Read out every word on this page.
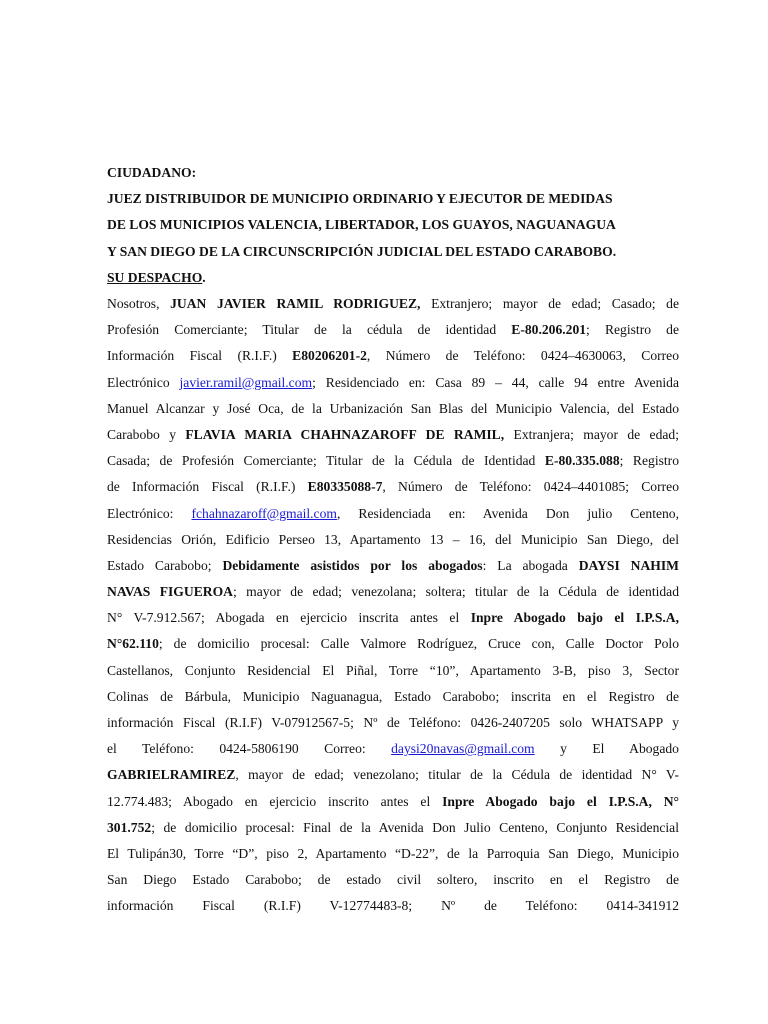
CIUDADANO:
JUEZ DISTRIBUIDOR DE MUNICIPIO ORDINARIO Y EJECUTOR DE MEDIDAS
DE LOS MUNICIPIOS VALENCIA, LIBERTADOR, LOS GUAYOS, NAGUANAGUA
Y SAN DIEGO DE LA CIRCUNSCRIPCIÓN JUDICIAL DEL ESTADO CARABOBO.
SU DESPACHO.
Nosotros, JUAN JAVIER RAMIL RODRIGUEZ, Extranjero; mayor de edad; Casado; de
Profesión Comerciante; Titular de la cédula de identidad E-80.206.201; Registro de
Información Fiscal (R.I.F.) E80206201-2, Número de Teléfono: 0424–4630063, Correo
Electrónico javier.ramil@gmail.com; Residenciado en: Casa 89 – 44, calle 94 entre Avenida
Manuel Alcanzar y José Oca, de la Urbanización San Blas del Municipio Valencia, del Estado
Carabobo y FLAVIA MARIA CHAHNAZAROFF DE RAMIL, Extranjera; mayor de edad;
Casada; de Profesión Comerciante; Titular de la Cédula de Identidad E-80.335.088; Registro
de Información Fiscal (R.I.F.) E80335088-7, Número de Teléfono: 0424–4401085; Correo
Electrónico: fchahnazaroff@gmail.com, Residenciada en: Avenida Don julio Centeno,
Residencias Orión, Edificio Perseo 13, Apartamento 13 – 16, del Municipio San Diego, del
Estado Carabobo; Debidamente asistidos por los abogados: La abogada DAYSI NAHIM
NAVAS FIGUEROA; mayor de edad; venezolana; soltera; titular de la Cédula de identidad
N° V-7.912.567; Abogada en ejercicio inscrita antes el Inpre Abogado bajo el I.P.S.A,
N°62.110; de domicilio procesal: Calle Valmore Rodríguez, Cruce con, Calle Doctor Polo
Castellanos, Conjunto Residencial El Piñal, Torre “10”, Apartamento 3-B, piso 3, Sector
Colinas de Bárbula, Municipio Naguanagua, Estado Carabobo; inscrita en el Registro de
información Fiscal (R.I.F) V-07912567-5; Nº de Teléfono: 0426-2407205 solo WHATSAPP y
el Teléfono: 0424-5806190 Correo: daysi20navas@gmail.com y El Abogado
GABRIELRAMIREZ, mayor de edad; venezolano; titular de la Cédula de identidad N° V-
12.774.483; Abogado en ejercicio inscrito antes el Inpre Abogado bajo el I.P.S.A, N°
301.752; de domicilio procesal: Final de la Avenida Don Julio Centeno, Conjunto Residencial
El Tulipán30, Torre “D”, piso 2, Apartamento “D-22”, de la Parroquia San Diego, Municipio
San Diego Estado Carabobo; de estado civil soltero, inscrito en el Registro de
información Fiscal (R.I.F) V-12774483-8; Nº de Teléfono: 0414-341912
